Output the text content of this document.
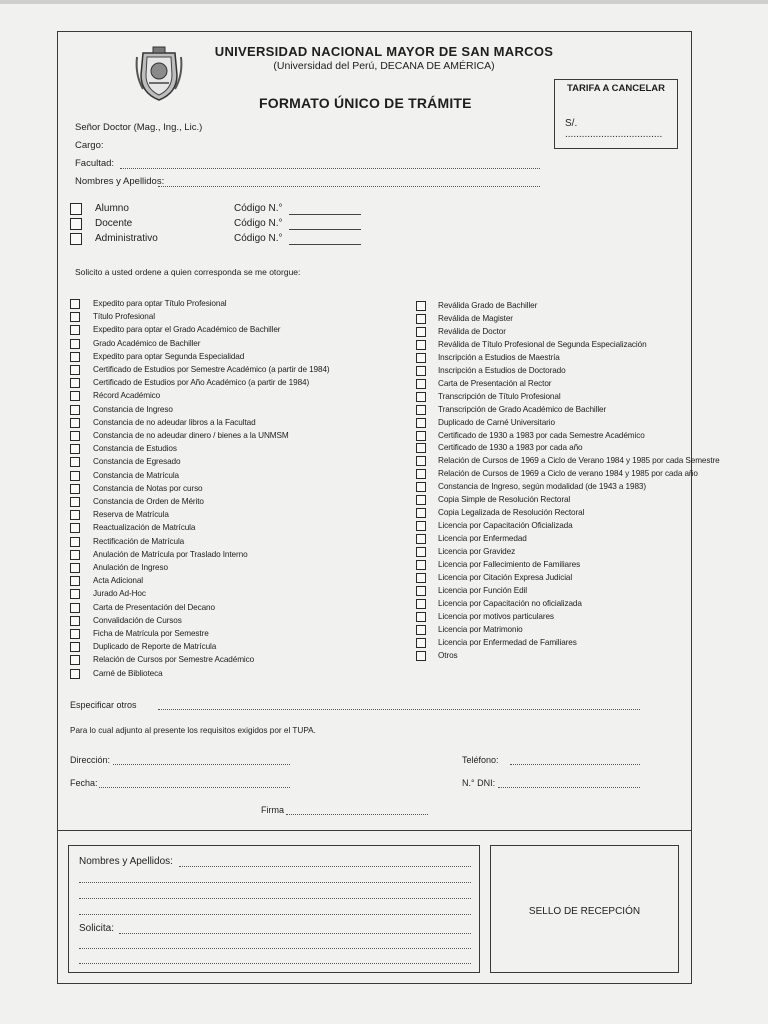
UNIVERSIDAD NACIONAL MAYOR DE SAN MARCOS
(Universidad del Perú, DECANA DE AMÉRICA)
FORMATO ÚNICO DE TRÁMITE
TARIFA A CANCELAR
S/. ...................................
Señor Doctor (Mag., Ing., Lic.)
Cargo:
Facultad:
Nombres y Apellidos:
Alumno	Código N.°
Docente	Código N.°
Administrativo	Código N.°
Solicito a usted ordene a quien corresponda se me otorgue:
Expedito para optar Título Profesional
Título Profesional
Expedito para optar el Grado Académico de Bachiller
Grado Académico de Bachiller
Expedito para optar Segunda Especialidad
Certificado de Estudios por Semestre Académico (a partir de 1984)
Certificado de Estudios por Año Académico (a partir de 1984)
Récord Académico
Constancia de Ingreso
Constancia de no adeudar libros a la Facultad
Constancia de no adeudar dinero / bienes a la UNMSM
Constancia de Estudios
Constancia de Egresado
Constancia de Matrícula
Constancia de Notas por curso
Constancia de Orden de Mérito
Reserva de Matrícula
Reactualización de Matrícula
Rectificación de Matrícula
Anulación de Matrícula por Traslado Interno
Anulación de Ingreso
Acta Adicional
Jurado Ad-Hoc
Carta de Presentación del Decano
Convalidación de Cursos
Ficha de Matrícula por Semestre
Duplicado de Reporte de Matrícula
Relación de Cursos por Semestre Académico
Carné de Biblioteca
Reválida Grado de Bachiller
Reválida de Magister
Reválida de Doctor
Reválida de Título Profesional de Segunda Especialización
Inscripción a Estudios de Maestría
Inscripción a Estudios de Doctorado
Carta de Presentación al Rector
Transcripción de Título Profesional
Transcripción de Grado Académico de Bachiller
Duplicado de Carné Universitario
Certificado de 1930 a 1983 por cada Semestre Académico
Certificado de 1930 a 1983 por cada año
Relación de Cursos de 1969 a Ciclo de Verano 1984 y 1985 por cada Semestre
Relación de Cursos de 1969 a Ciclo de verano 1984 y 1985 por cada año
Constancia de Ingreso, según modalidad (de 1943 a 1983)
Copia Simple de Resolución Rectoral
Copia Legalizada de Resolución Rectoral
Licencia por Capacitación Oficializada
Licencia por Enfermedad
Licencia por Gravidez
Licencia por Fallecimiento de Familiares
Licencia por Citación Expresa Judicial
Licencia por Función Edil
Licencia por Capacitación no oficializada
Licencia por motivos particulares
Licencia por Matrimonio
Licencia por Enfermedad de Familiares
Otros
Especificar otros
Para lo cual adjunto al presente los requisitos exigidos por el TUPA.
Dirección:	Teléfono:
Fecha:	N.° DNI:
Firma
Nombres y Apellidos:
Solicita:
SELLO DE RECEPCIÓN
